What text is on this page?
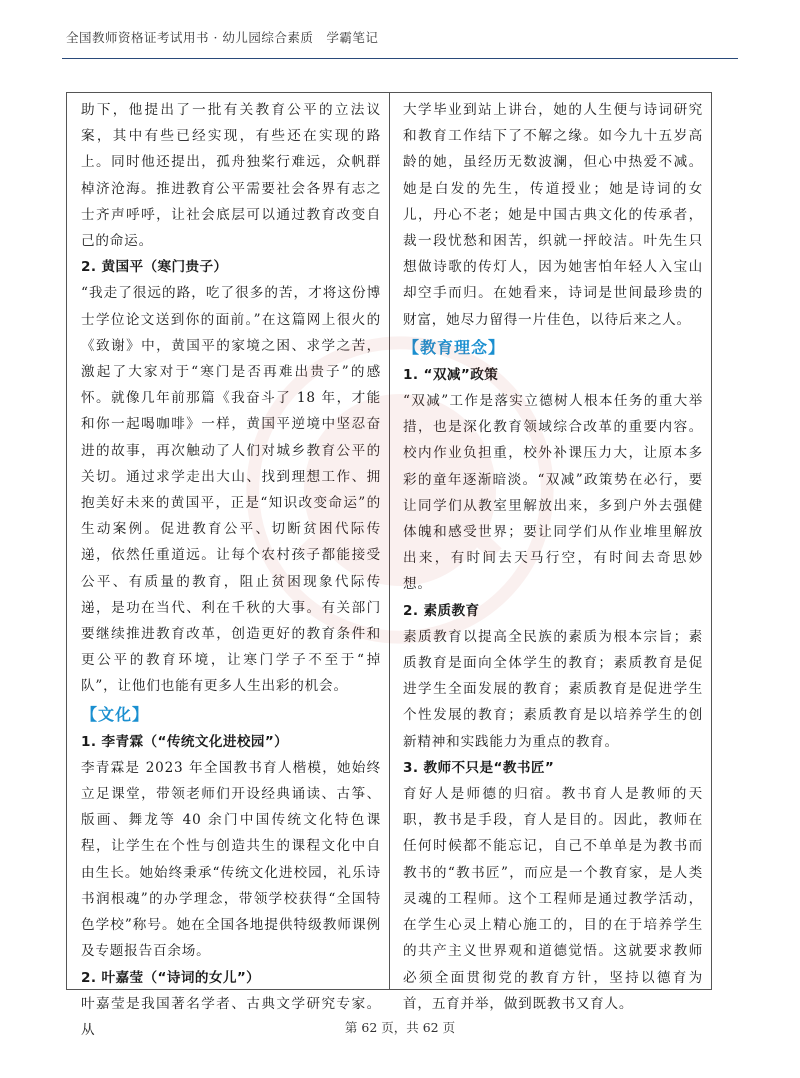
全国教师资格证考试用书 · 幼儿园综合素质　学霸笔记

助下，他提出了一批有关教育公平的立法议案，其中有些已经实现，有些还在实现的路上。同时他还提出，孤舟独桨行难远，众帆群棹济沧海。推进教育公平需要社会各界有志之士齐声呼呼，让社会底层可以通过教育改变自己的命运。

2. 黄国平（寒门贵子）

“我走了很远的路，吃了很多的苦，才将这份博士学位论文送到你的面前。”在这篇网上很火的《致谢》中，黄国平的家境之困、求学之苦，激起了大家对于“寒门是否再难出贵子”的感怀。就像几年前那篇《我奋斗了 18 年，才能和你一起喝咖啡》一样，黄国平逆境中坚忍奋进的故事，再次触动了人们对城乡教育公平的关切。通过求学走出大山、找到理想工作、拥抱美好未来的黄国平，正是“知识改变命运”的生动案例。促进教育公平、切断贫困代际传递，依然任重道远。让每个农村孩子都能接受公平、有质量的教育，阻止贫困现象代际传递，是功在当代、利在千秋的大事。有关部门要继续推进教育改革，创造更好的教育条件和更公平的教育环境，让寒门学子不至于“掉队”，让他们也能有更多人生出彩的机会。

【文化】

1. 李青霖（“传统文化进校园”）

李青霖是 2023 年全国教书育人楷模，她始终立足课堂，带领老师们开设经典诵读、古筝、版画、舞龙等 40 余门中国传统文化特色课程，让学生在个性与创造共生的课程文化中自由生长。她始终秉承“传统文化进校园，礼乐诗书润根魂”的办学理念，带领学校获得“全国特色学校”称号。她在全国各地提供特级教师课例及专题报告百余场。

2. 叶嘉莹（“诗词的女儿”）

叶嘉莹是我国著名学者、古典文学研究专家。从

大学毕业到站上讲台，她的人生便与诗词研究和教育工作结下了不解之缘。如今九十五岁高龄的她，虽经历无数波澜，但心中热爱不减。她是白发的先生，传道授业；她是诗词的女儿，丹心不老；她是中国古典文化的传承者，裁一段忧愁和困苦，织就一抨皎洁。叶先生只想做诗歌的传灯人，因为她害怕年轻人入宝山却空手而归。在她看来，诗词是世间最珍贵的财富，她尽力留得一片佳色，以待后来之人。

【教育理念】

1. “双减”政策

“双减”工作是落实立德树人根本任务的重大举措，也是深化教育领域综合改革的重要内容。校内作业负担重，校外补课压力大，让原本多彩的童年逐渐暗淡。“双减”政策势在必行，要让同学们从教室里解放出来，多到户外去强健体魄和感受世界；要让同学们从作业堆里解放出来，有时间去天马行空，有时间去奇思妙想。

2. 素质教育

素质教育以提高全民族的素质为根本宗旨；素质教育是面向全体学生的教育；素质教育是促进学生全面发展的教育；素质教育是促进学生个性发展的教育；素质教育是以培养学生的创新精神和实践能力为重点的教育。

3. 教师不只是“教书匠”

育好人是师德的归宿。教书育人是教师的天职，教书是手段，育人是目的。因此，教师在任何时候都不能忘记，自己不单单是为教书而教书的“教书匠”，而应是一个教育家，是人类灵魂的工程师。这个工程师是通过教学活动，在学生心灵上精心施工的，目的在于培养学生的共产主义世界观和道德觉悟。这就要求教师必须全面贯彻党的教育方针，坚持以德育为首，五育并举，做到既教书又育人。

第 62 页，共 62 页
